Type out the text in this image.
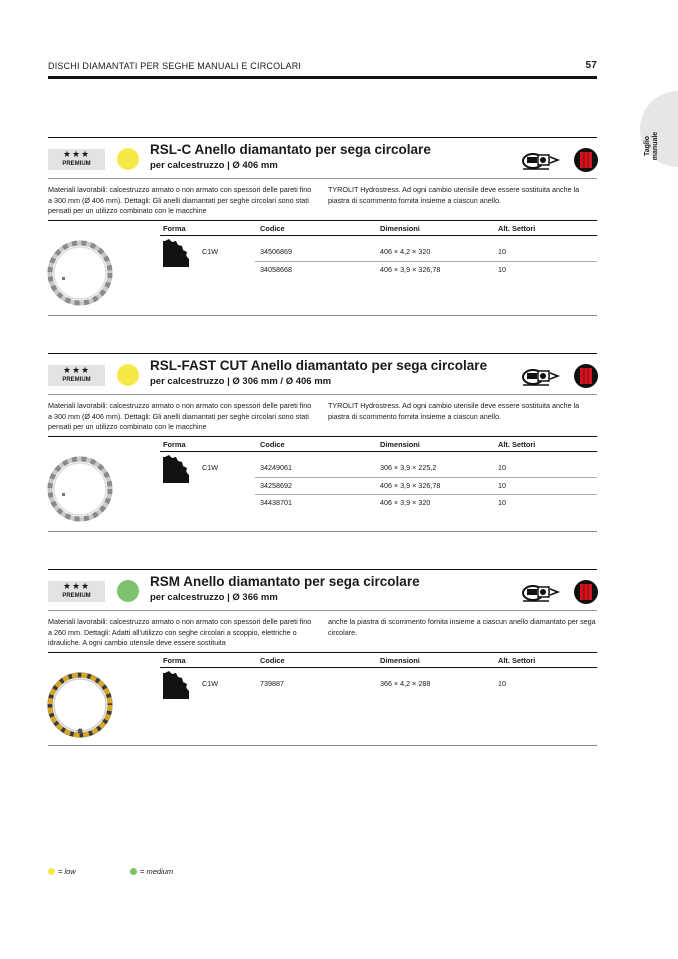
DISCHI DIAMANTATI PER SEGHE MANUALI E CIRCOLARI	57
Taglio manuale
★★★
PREMIUM
RSL-C Anello diamantato per sega circolare
per calcestruzzo | Ø 406 mm
Materiali lavorabili: calcestruzzo armato o non armato con spessori delle pareti fino a 300 mm (Ø 406 mm). Dettagli: Gli anelli diamantati per seghe circolari sono stati pensati per un utilizzo combinato con le macchine
TYROLIT Hydrostress. Ad ogni cambio utensile deve essere sostituita anche la piastra di scorrimento fornita insieme a ciascun anello.
Forma	Codice	Dimensioni	Alt. Settori
C1W	34506869	406 × 4,2 × 320	10
34058668	406 × 3,9 × 326,78	10
★★★
PREMIUM
RSL-FAST CUT Anello diamantato per sega circolare
per calcestruzzo | Ø 306 mm / Ø 406 mm
Materiali lavorabili: calcestruzzo armato o non armato con spessori delle pareti fino a 300 mm (Ø 406 mm). Dettagli: Gli anelli diamantati per seghe circolari sono stati pensati per un utilizzo combinato con le macchine
TYROLIT Hydrostress. Ad ogni cambio utensile deve essere sostituita anche la piastra di scorrimento fornita insieme a ciascun anello.
Forma	Codice	Dimensioni	Alt. Settori
C1W	34249061	306 × 3,9 × 225,2	10
34258692	406 × 3,9 × 326,78	10
34438701	406 × 3,9 × 320	10
★★★
PREMIUM
RSM Anello diamantato per sega circolare
per calcestruzzo | Ø 366 mm
Materiali lavorabili: calcestruzzo armato o non armato con spessori delle pareti fino a 260 mm. Dettagli: Adatti all'utilizzo con seghe circolari a scoppio, elettriche o idrauliche. A ogni cambio utensile deve essere sostituita
anche la piastra di scorrimento fornita insieme a ciascun anello diamantato per sega circolare.
Forma	Codice	Dimensioni	Alt. Settori
C1W	739887	366 × 4,2 × 288	10
= low	= medium
